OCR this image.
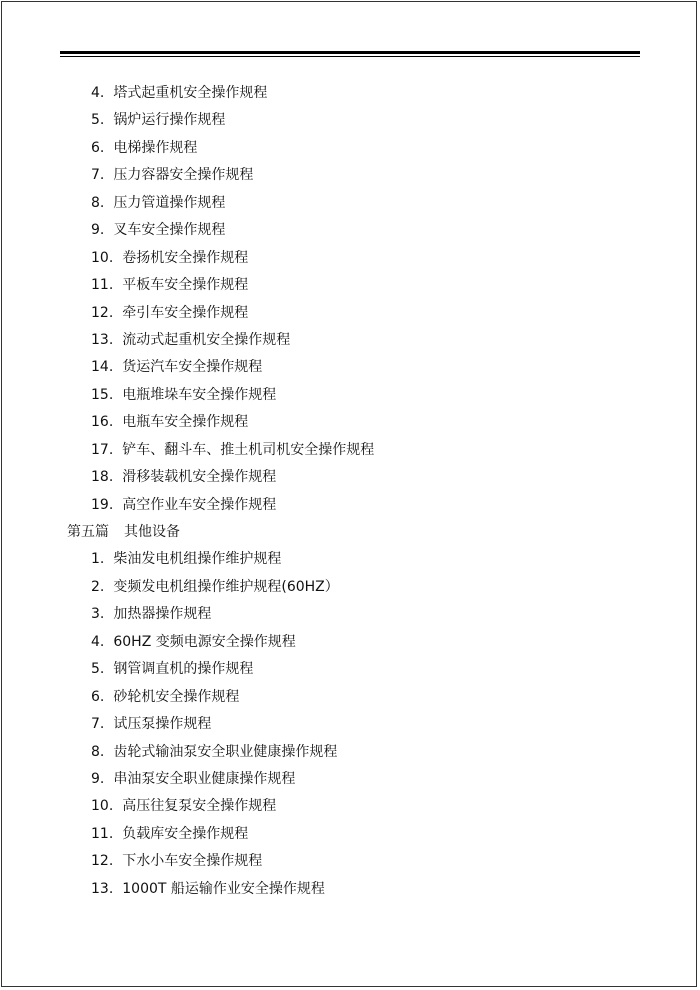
4. 塔式起重机安全操作规程
5. 锅炉运行操作规程
6. 电梯操作规程
7. 压力容器安全操作规程
8. 压力管道操作规程
9. 叉车安全操作规程
10. 卷扬机安全操作规程
11. 平板车安全操作规程
12. 牵引车安全操作规程
13. 流动式起重机安全操作规程
14. 货运汽车安全操作规程
15. 电瓶堆垛车安全操作规程
16. 电瓶车安全操作规程
17. 铲车、翻斗车、推土机司机安全操作规程
18. 滑移装载机安全操作规程
19. 高空作业车安全操作规程
第五篇 其他设备
1. 柴油发电机组操作维护规程
2. 变频发电机组操作维护规程(60HZ）
3. 加热器操作规程
4. 60HZ 变频电源安全操作规程
5. 钢管调直机的操作规程
6. 砂轮机安全操作规程
7. 试压泵操作规程
8. 齿轮式输油泵安全职业健康操作规程
9. 串油泵安全职业健康操作规程
10. 高压往复泵安全操作规程
11. 负载库安全操作规程
12. 下水小车安全操作规程
13. 1000T 船运输作业安全操作规程
